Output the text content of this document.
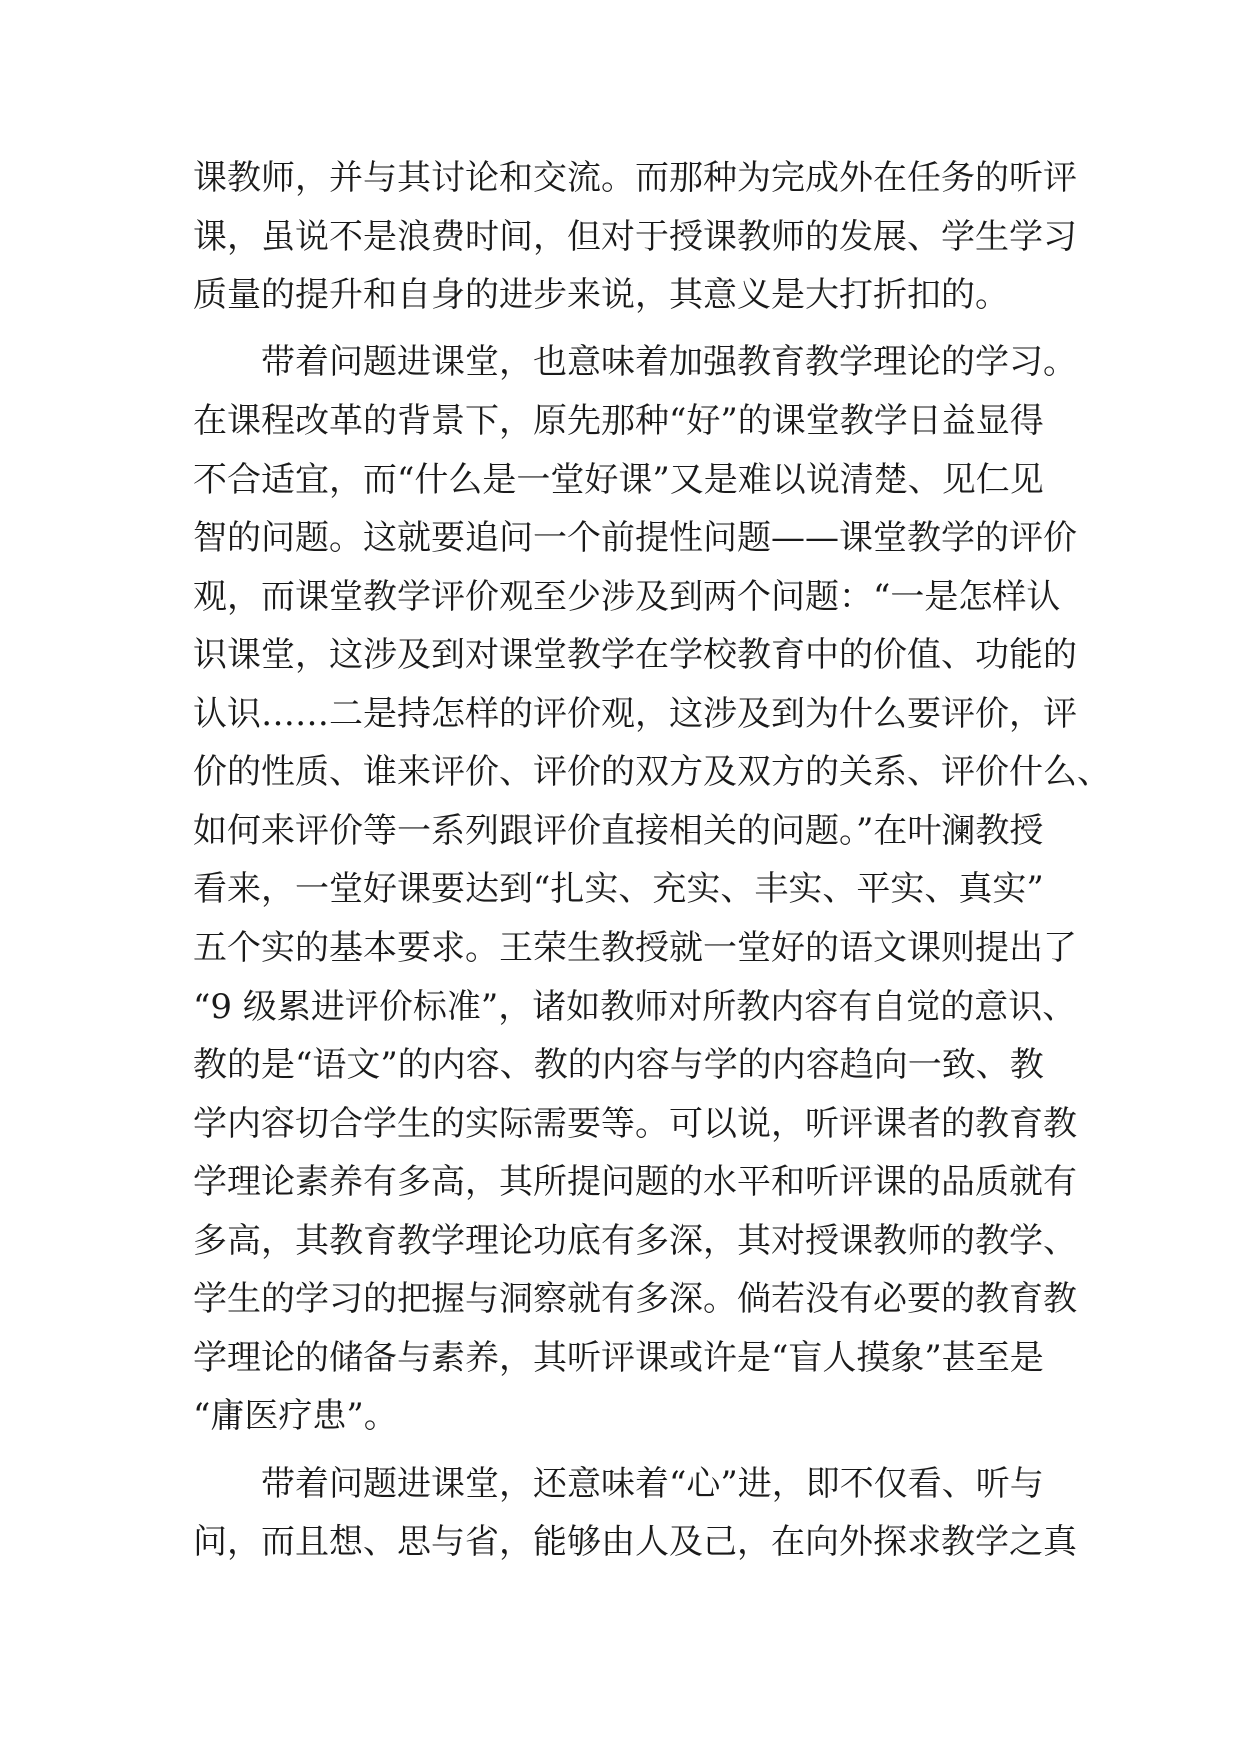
课教师，并与其讨论和交流。而那种为完成外在任务的听评
课，虽说不是浪费时间，但对于授课教师的发展、学生学习
质量的提升和自身的进步来说，其意义是大打折扣的。
　　带着问题进课堂，也意味着加强教育教学理论的学习。
在课程改革的背景下，原先那种“好”的课堂教学日益显得
不合适宜，而“什么是一堂好课”又是难以说清楚、见仁见
智的问题。这就要追问一个前提性问题——课堂教学的评价
观，而课堂教学评价观至少涉及到两个问题：“一是怎样认
识课堂，这涉及到对课堂教学在学校教育中的价值、功能的
认识……二是持怎样的评价观，这涉及到为什么要评价，评
价的性质、谁来评价、评价的双方及双方的关系、评价什么、
如何来评价等一系列跟评价直接相关的问题。”在叶澜教授
看来，一堂好课要达到“扎实、充实、丰实、平实、真实”
五个实的基本要求。王荣生教授就一堂好的语文课则提出了
“9 级累进评价标准”，诸如教师对所教内容有自觉的意识、
教的是“语文”的内容、教的内容与学的内容趋向一致、教
学内容切合学生的实际需要等。可以说，听评课者的教育教
学理论素养有多高，其所提问题的水平和听评课的品质就有
多高，其教育教学理论功底有多深，其对授课教师的教学、
学生的学习的把握与洞察就有多深。倘若没有必要的教育教
学理论的储备与素养，其听评课或许是“盲人摸象”甚至是
“庸医疗患”。
　　带着问题进课堂，还意味着“心”进，即不仅看、听与
问，而且想、思与省，能够由人及己，在向外探求教学之真
